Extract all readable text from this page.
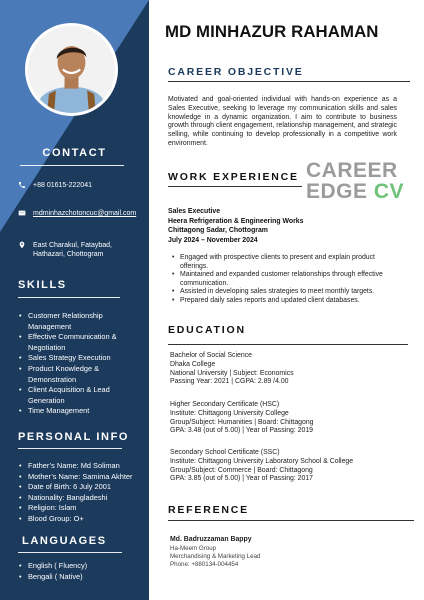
CONTACT
+88 01615-222041
mdminhazchotoncuc@gmail.com
East Charakul, Fataybad,
Hathazari, Chottogram
SKILLS
• Customer Relationship Management
• Effective Communication & Negotiation
• Sales Strategy Execution
• Product Knowledge & Demonstration
• Client Acquisition & Lead Generation
• Time Management
PERSONAL INFO
• Father’s Name: Md Soliman
• Mother’s Name: Samima Akhter
• Date of Birth: 6 July 2001
• Nationality: Bangladeshi
• Religion: Islam
• Blood Group: O+
LANGUAGES
• English ( Fluency)
• Bengali ( Native)
MD MINHAZUR RAHAMAN
CAREER OBJECTIVE

Motivated and goal-oriented individual with hands-on experience as a Sales Executive, seeking to leverage my communication skills and sales knowledge in a dynamic organization. I aim to contribute to business growth through client engagement, relationship management, and strategic selling, while continuing to develop professionally in a competitive work environment.

CAREER
EDGE CV
WORK EXPERIENCE
Sales Executive
Heera Refrigeration & Engineering Works
Chittagong Sadar, Chottogram
July 2024 – November 2024
• Engaged with prospective clients to present and explain product offerings.
• Maintained and expanded customer relationships through effective communication.
• Assisted in developing sales strategies to meet monthly targets.
• Prepared daily sales reports and updated client databases.
EDUCATION
Bachelor of Social Science
Dhaka College
National University | Subject: Economics
Passing Year: 2021 | CGPA: 2.89 /4.00
Higher Secondary Certificate (HSC)
Institute: Chittagong University College
Group/Subject: Humanities | Board: Chittagong
GPA: 3.48 (out of 5.00) | Year of Passing: 2019
Secondary School Certificate (SSC)
Institute: Chittagong University Laboratory School & College
Group/Subject: Commerce | Board: Chittagong
GPA: 3.85 (out of 5.00) | Year of Passing: 2017
REFERENCE
Md. Badruzzaman Bappy
Ha-Meem Group
Merchandising & Marketing Lead
Phone: +880134-004454
